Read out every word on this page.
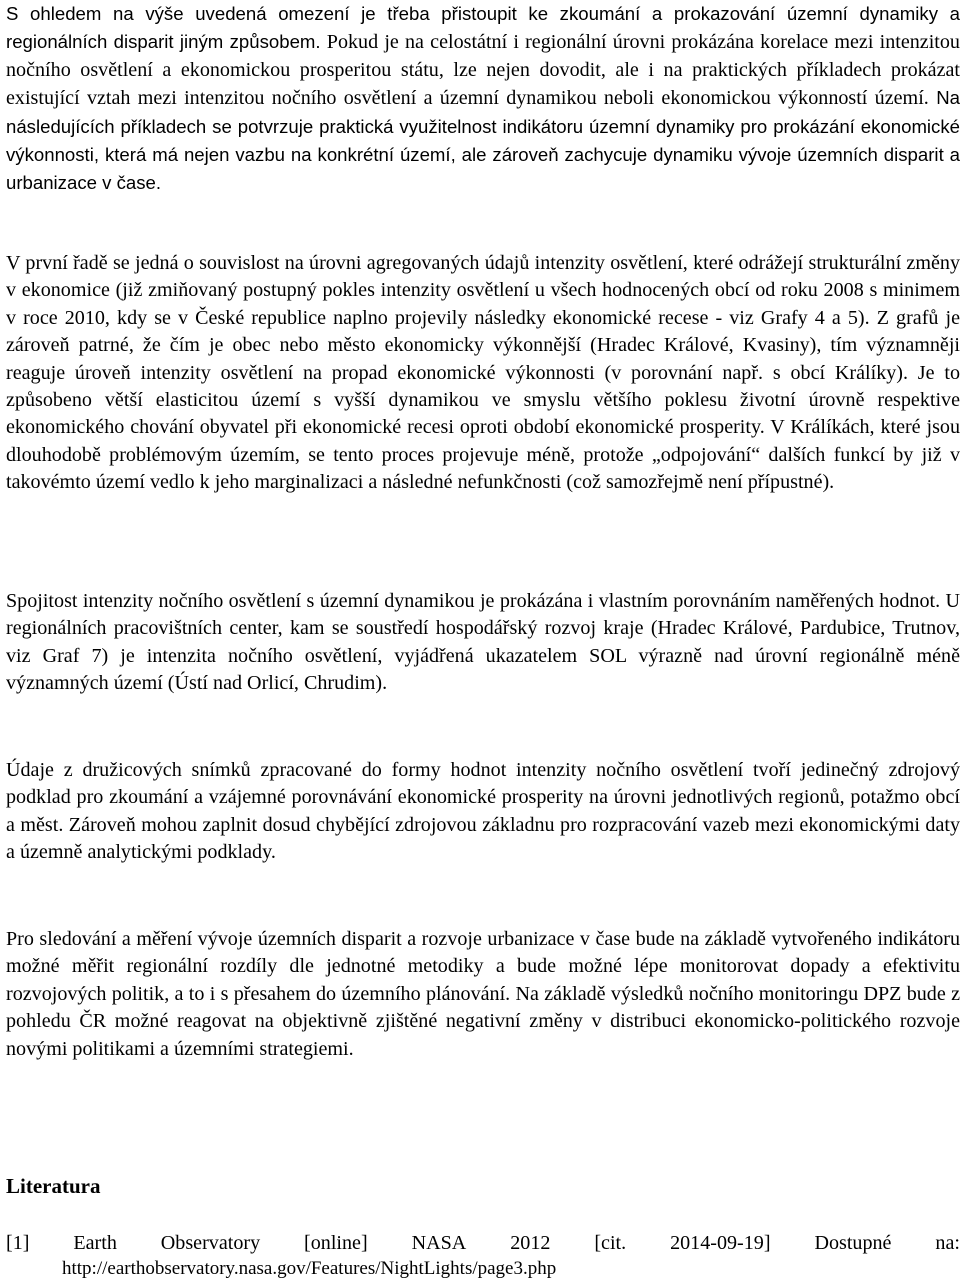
S ohledem na výše uvedená omezení je třeba přistoupit ke zkoumání a prokazování územní dynamiky a regionálních disparit jiným způsobem. Pokud je na celostátní i regionální úrovni prokázána korelace mezi intenzitou nočního osvětlení a ekonomickou prosperitou státu, lze nejen dovodit, ale i na praktických příkladech prokázat existující vztah mezi intenzitou nočního osvětlení a územní dynamikou neboli ekonomickou výkonností území. Na následujících příkladech se potvrzuje praktická využitelnost indikátoru územní dynamiky pro prokázání ekonomické výkonnosti, která má nejen vazbu na konkrétní území, ale zároveň zachycuje dynamiku vývoje územních disparit a urbanizace v čase.

V první řadě se jedná o souvislost na úrovni agregovaných údajů intenzity osvětlení, které odrážejí strukturální změny v ekonomice (již zmiňovaný postupný pokles intenzity osvětlení u všech hodnocených obcí od roku 2008 s minimem v roce 2010, kdy se v České republice naplno projevily následky ekonomické recese - viz Grafy 4 a 5). Z grafů je zároveň patrné, že čím je obec nebo město ekonomicky výkonnější (Hradec Králové, Kvasiny), tím významněji reaguje úroveň intenzity osvětlení na propad ekonomické výkonnosti (v porovnání např. s obcí Králíky). Je to způsobeno větší elasticitou území s vyšší dynamikou ve smyslu většího poklesu životní úrovně respektive ekonomického chování obyvatel při ekonomické recesi oproti období ekonomické prosperity. V Králíkách, které jsou dlouhodobě problémovým územím, se tento proces projevuje méně, protože „odpojování“ dalších funkcí by již v takovémto území vedlo k jeho marginalizaci a následné nefunkčnosti (což samozřejmě není přípustné).

Spojitost intenzity nočního osvětlení s územní dynamikou je prokázána i vlastním porovnáním naměřených hodnot. U regionálních pracovištních center, kam se soustředí hospodářský rozvoj kraje (Hradec Králové, Pardubice, Trutnov, viz Graf 7) je intenzita nočního osvětlení, vyjádřená ukazatelem SOL výrazně nad úrovní regionálně méně významných území (Ústí nad Orlicí, Chrudim).

Údaje z družicových snímků zpracované do formy hodnot intenzity nočního osvětlení tvoří jedinečný zdrojový podklad pro zkoumání a vzájemné porovnávání ekonomické prosperity na úrovni jednotlivých regionů, potažmo obcí a měst. Zároveň mohou zaplnit dosud chybějící zdrojovou základnu pro rozpracování vazeb mezi ekonomickými daty a územně analytickými podklady.

Pro sledování a měření vývoje územních disparit a rozvoje urbanizace v čase bude na základě vytvořeného indikátoru možné měřit regionální rozdíly dle jednotné metodiky a bude možné lépe monitorovat dopady a efektivitu rozvojových politik, a to i s přesahem do územního plánování. Na základě výsledků nočního monitoringu DPZ bude z pohledu ČR možné reagovat na objektivně zjištěné negativní změny v distribuci ekonomicko-politického rozvoje novými politikami a územními strategiemi.

Literatura
[1] Earth Observatory [online] NASA 2012 [cit. 2014-09-19] Dostupné na:
http://earthobservatory.nasa.gov/Features/NightLights/page3.php
